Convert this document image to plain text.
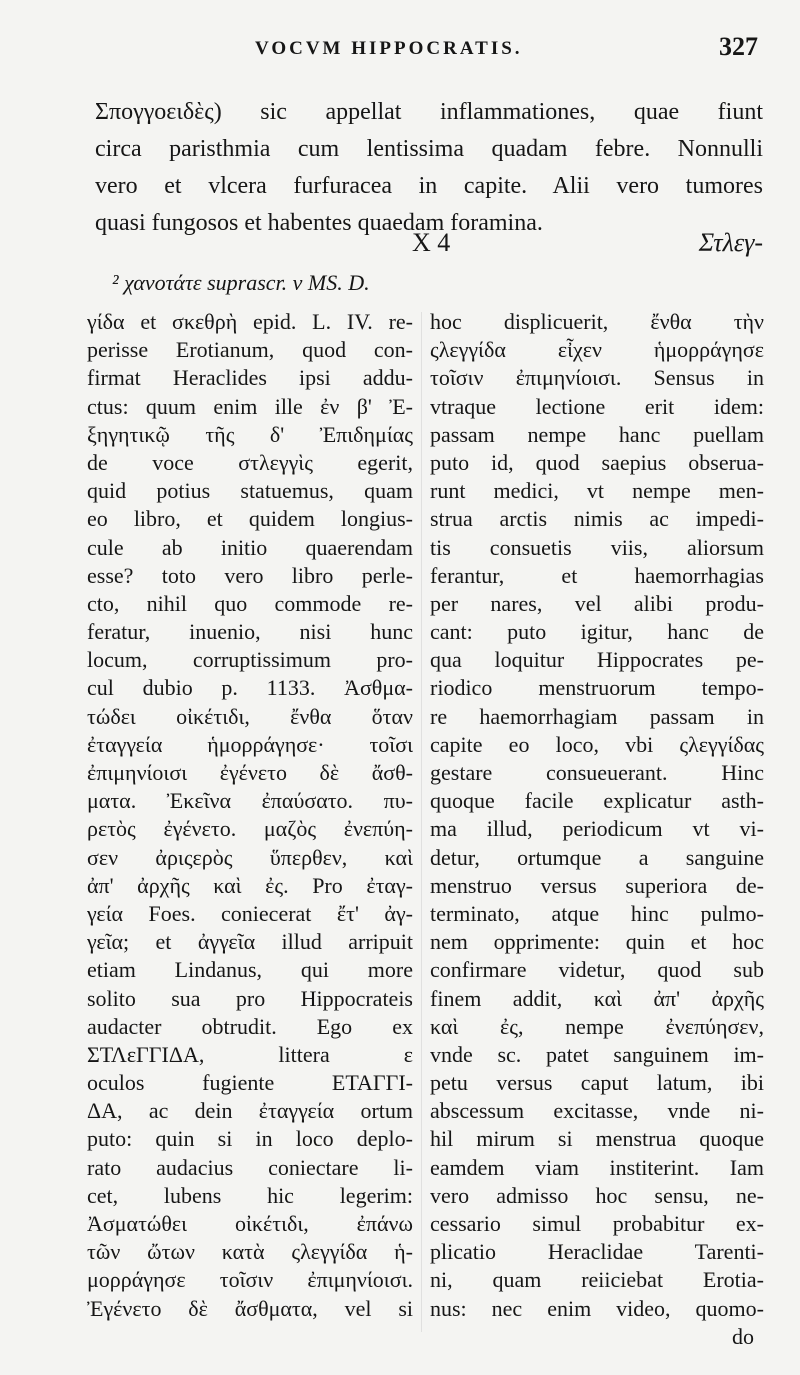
VOCVM HIPPOCRATIS.	327
Σπογγοειδὲς) sic appellat inflammationes, quae fiunt
circa paristhmia cum lentissima quadam febre. Nonnulli
vero et vlcera furfuracea in capite. Alii vero tumores
quasi fungosos et habentes quaedam foramina.
X 4	Στλεγ-
² χανοτάτε suprascr. v MS. D.
γίδα et σκεθρὴ epid. L. IV. re-
perisse Erotianum, quod con-
firmat Heraclides ipsi addu-
ctus: quum enim ille ἐν β' Ἐ-
ξηγητικῷ τῆς δ' Ἐπιδημίας
de voce στλεγγὶς egerit,
quid potius statuemus, quam
eo libro, et quidem longius-
cule ab initio quaerendam
esse? toto vero libro perle-
cto, nihil quo commode re-
feratur, inuenio, nisi hunc
locum, corruptissimum pro-
cul dubio p. 1133. Ἀσθμα-
τώδει οἰκέτιδι, ἔνθα ὅταν
ἐταγγεία ἡμορράγησε· τοῖσι
ἐπιμηνίοισι ἐγένετο δὲ ἄσθ-
ματα. Ἐκεῖνα ἐπαύσατο. πυ-
ρετὸς ἐγένετο. μαζὸς ἐνεπύη-
σεν ἀριςερὸς ὕπερθεν, καὶ
ἀπ' ἀρχῆς καὶ ἐς. Pro ἐταγ-
γεία Foes. coniecerat ἔτ' ἀγ-
γεῖα; et ἀγγεῖα illud arripuit
etiam Lindanus, qui more
solito sua pro Hippocrateis
audacter obtrudit. Ego ex
ΣΤΛεΓΓΙΔΑ, littera ε
oculos fugiente ΕΤΑΓΓΙ-
ΔΑ, ac dein ἐταγγεία ortum
puto: quin si in loco deplo-
rato audacius coniectare li-
cet, lubens hic legerim:
Ἀσματώθει οἰκέτιδι, ἐπάνω
τῶν ὤτων κατὰ ςλεγγίδα ἡ-
μορράγησε τοῖσιν ἐπιμηνίοισι.
Ἐγένετο δὲ ἄσθματα, vel si
hoc displicuerit, ἔνθα τὴν
ςλεγγίδα εἶχεν ἡμορράγησε
τοῖσιν ἐπιμηνίοισι. Sensus in
vtraque lectione erit idem:
passam nempe hanc puellam
puto id, quod saepius obserua-
runt medici, vt nempe men-
strua arctis nimis ac impedi-
tis consuetis viis, aliorsum
ferantur, et haemorrhagias
per nares, vel alibi produ-
cant: puto igitur, hanc de
qua loquitur Hippocrates pe-
riodico menstruorum tempo-
re haemorrhagiam passam in
capite eo loco, vbi ςλεγγίδας
gestare consueuerant. Hinc
quoque facile explicatur asth-
ma illud, periodicum vt vi-
detur, ortumque a sanguine
menstruo versus superiora de-
terminato, atque hinc pulmo-
nem opprimente: quin et hoc
confirmare videtur, quod sub
finem addit, καὶ ἀπ' ἀρχῆς
καὶ ἐς, nempe ἐνεπύησεν,
vnde sc. patet sanguinem im-
petu versus caput latum, ibi
abscessum excitasse, vnde ni-
hil mirum si menstrua quoque
eamdem viam institerint. Iam
vero admisso hoc sensu, ne-
cessario simul probabitur ex-
plicatio Heraclidae Tarenti-
ni, quam reiiciebat Erotia-
nus: nec enim video, quomo-
do
